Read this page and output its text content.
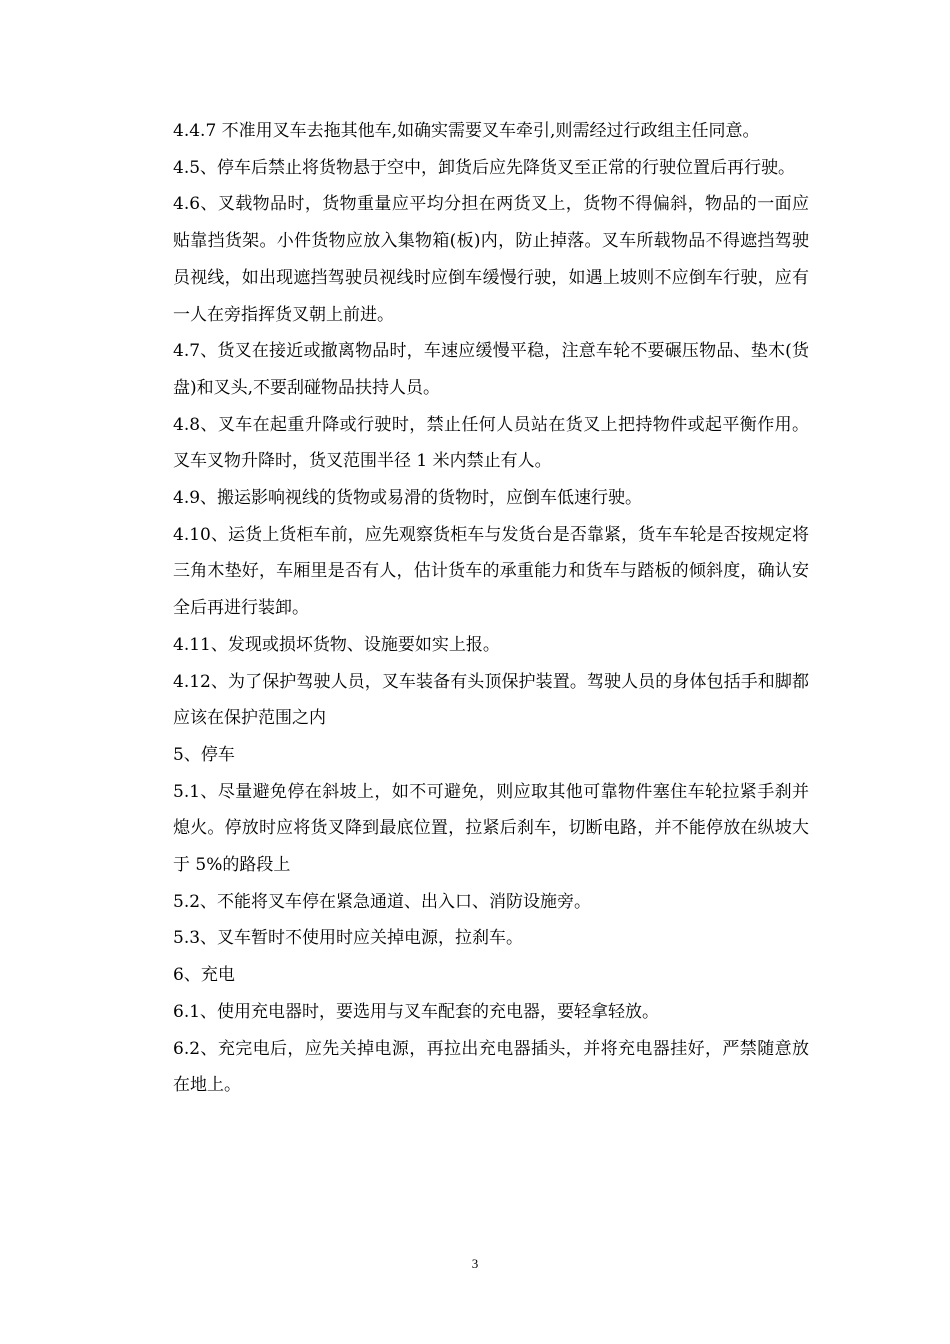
4.4.7 不准用叉车去拖其他车,如确实需要叉车牵引,则需经过行政组主任同意。

4.5、停车后禁止将货物悬于空中，卸货后应先降货叉至正常的行驶位置后再行驶。

4.6、叉载物品时，货物重量应平均分担在两货叉上，货物不得偏斜，物品的一面应贴靠挡货架。小件货物应放入集物箱(板)内，防止掉落。叉车所载物品不得遮挡驾驶员视线，如出现遮挡驾驶员视线时应倒车缓慢行驶，如遇上坡则不应倒车行驶，应有一人在旁指挥货叉朝上前进。

4.7、货叉在接近或撤离物品时，车速应缓慢平稳，注意车轮不要碾压物品、垫木(货盘)和叉头,不要刮碰物品扶持人员。

4.8、叉车在起重升降或行驶时，禁止任何人员站在货叉上把持物件或起平衡作用。叉车叉物升降时，货叉范围半径 1 米内禁止有人。

4.9、搬运影响视线的货物或易滑的货物时，应倒车低速行驶。

4.10、运货上货柜车前，应先观察货柜车与发货台是否靠紧，货车车轮是否按规定将三角木垫好，车厢里是否有人，估计货车的承重能力和货车与踏板的倾斜度，确认安全后再进行装卸。

4.11、发现或损坏货物、设施要如实上报。

4.12、为了保护驾驶人员，叉车装备有头顶保护装置。驾驶人员的身体包括手和脚都应该在保护范围之内

5、停车

5.1、尽量避免停在斜坡上，如不可避免，则应取其他可靠物件塞住车轮拉紧手刹并熄火。停放时应将货叉降到最底位置，拉紧后刹车，切断电路，并不能停放在纵坡大于 5%的路段上

5.2、不能将叉车停在紧急通道、出入口、消防设施旁。

5.3、叉车暂时不使用时应关掉电源，拉刹车。

6、充电

6.1、使用充电器时，要选用与叉车配套的充电器，要轻拿轻放。

6.2、充完电后，应先关掉电源，再拉出充电器插头，并将充电器挂好，严禁随意放在地上。

3
